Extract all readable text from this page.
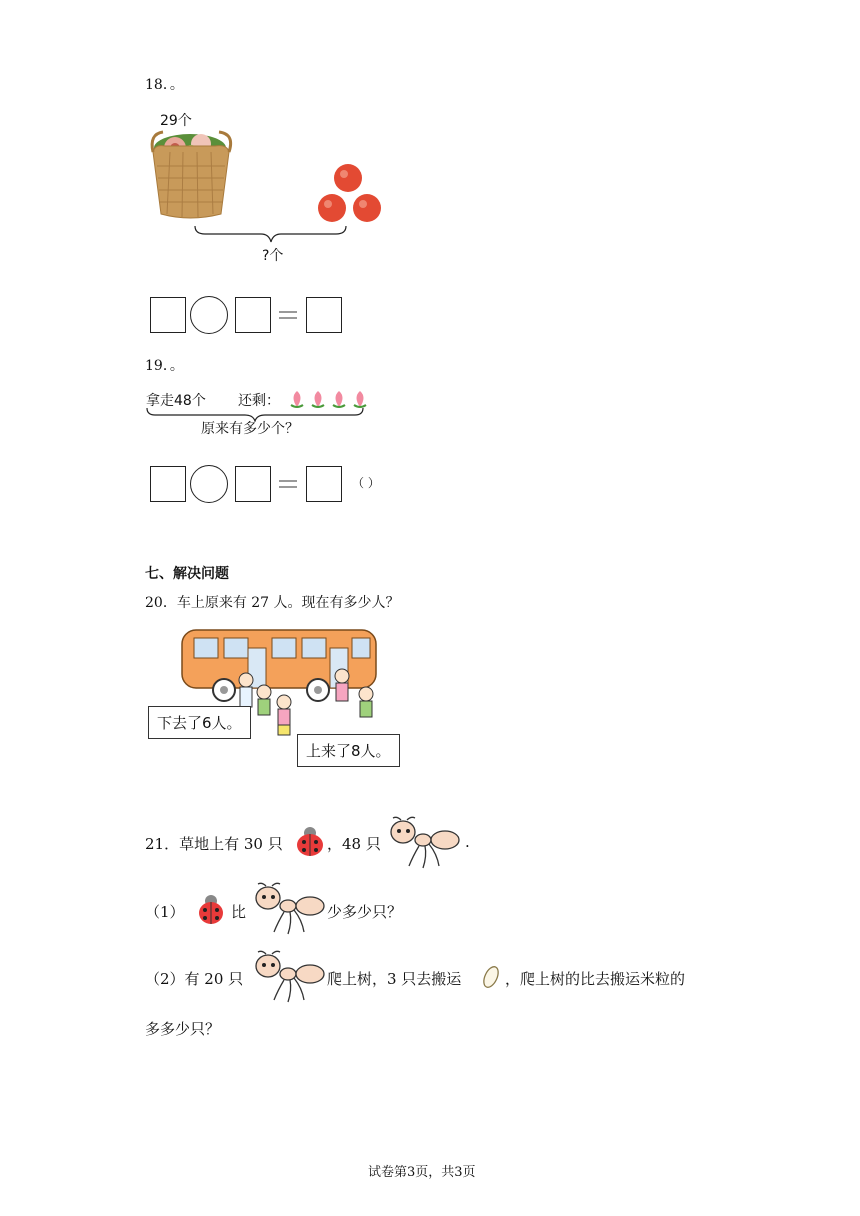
18．。
29个
?个
19．。
拿走48个 还剩：
原来有多少个？
（ ）
七、解决问题
20．车上原来有 27 人。现在有多少人？
下去了6人。
上来了8人。
21．草地上有 30 只	，48 只	.
（1）	比	少多少只？
（2）有 20 只	爬上树，3 只去搬运	，爬上树的比去搬运米粒的
多多少只？
试卷第3页，共3页
